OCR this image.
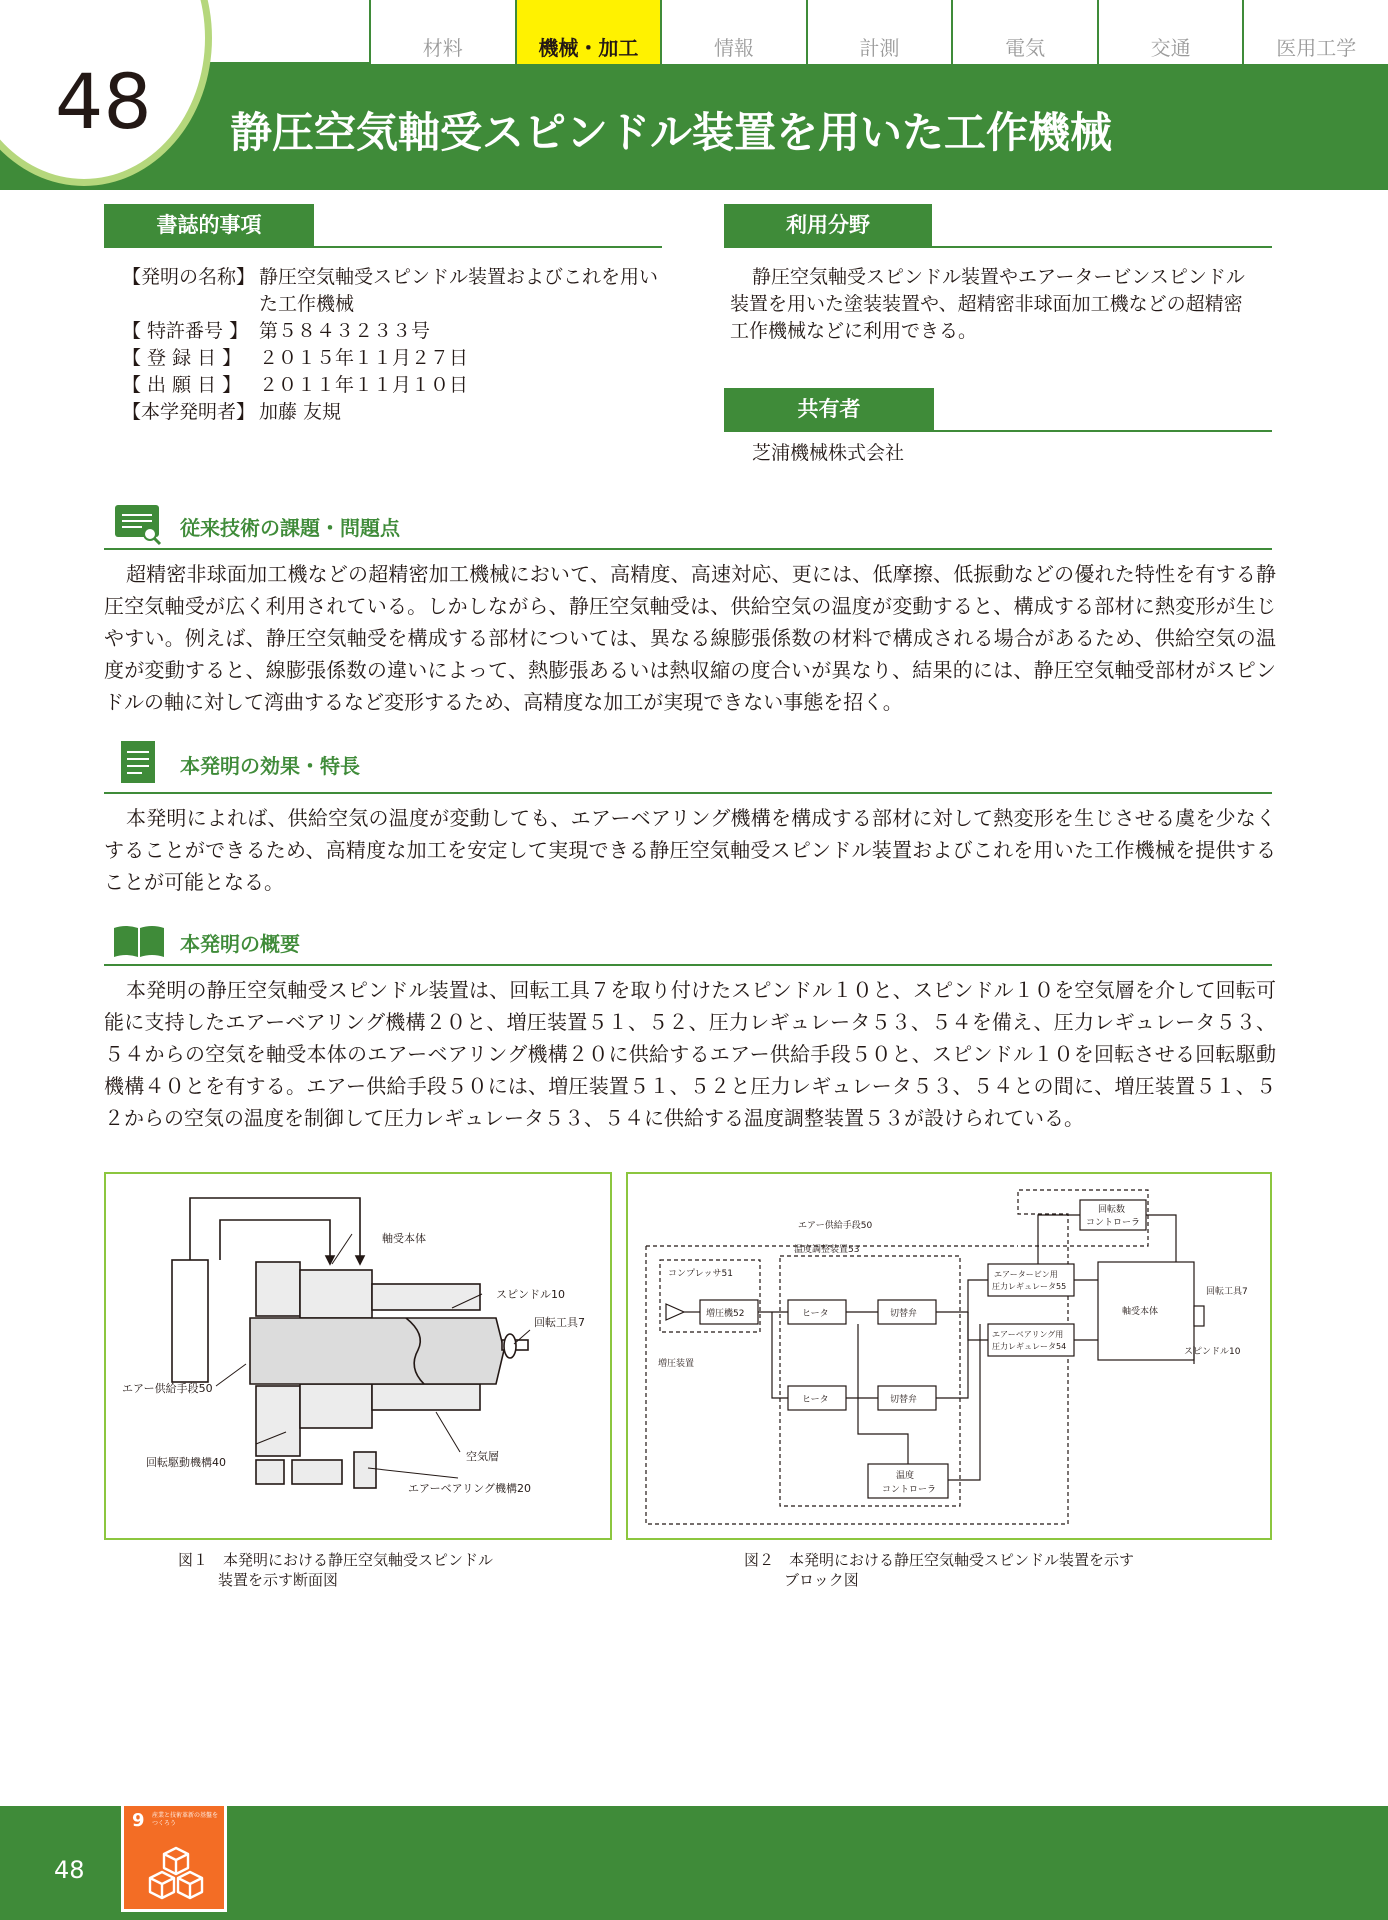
材料	機械・加工	情報	計測	電気	交通	医用工学
48 静圧空気軸受スピンドル装置を用いた工作機械
書誌的事項
【発明の名称】 静圧空気軸受スピンドル装置およびこれを用いた工作機械
【 特許番号 】 第５８４３２３３号
【 登 録 日 】 ２０１５年１１月２７日
【 出 願 日 】 ２０１１年１１月１０日
【本学発明者】 加藤 友規
利用分野

静圧空気軸受スピンドル装置やエアータービンスピンドル装置を用いた塗装装置や、超精密非球面加工機などの超精密工作機械などに利用できる。

共有者

芝浦機械株式会社

従来技術の課題・問題点

超精密非球面加工機などの超精密加工機械において、高精度、高速対応、更には、低摩擦、低振動などの優れた特性を有する静圧空気軸受が広く利用されている。しかしながら、静圧空気軸受は、供給空気の温度が変動すると、構成する部材に熱変形が生じやすい。例えば、静圧空気軸受を構成する部材については、異なる線膨張係数の材料で構成される場合があるため、供給空気の温度が変動すると、線膨張係数の違いによって、熱膨張あるいは熱収縮の度合いが異なり、結果的には、静圧空気軸受部材がスピンドルの軸に対して湾曲するなど変形するため、高精度な加工が実現できない事態を招く。

本発明の効果・特長

本発明によれば、供給空気の温度が変動しても、エアーベアリング機構を構成する部材に対して熱変形を生じさせる虞を少なくすることができるため、高精度な加工を安定して実現できる静圧空気軸受スピンドル装置およびこれを用いた工作機械を提供することが可能となる。

本発明の概要

本発明の静圧空気軸受スピンドル装置は、回転工具７を取り付けたスピンドル１０と、スピンドル１０を空気層を介して回転可能に支持したエアーベアリング機構２０と、増圧装置５１、５２、圧力レギュレータ５３、５４を備え、圧力レギュレータ５３、５４からの空気を軸受本体のエアーベアリング機構２０に供給するエアー供給手段５０と、スピンドル１０を回転させる回転駆動機構４０とを有する。エアー供給手段５０には、増圧装置５１、５２と圧力レギュレータ５３、５４との間に、増圧装置５１、５２からの空気の温度を制御して圧力レギュレータ５３、５４に供給する温度調整装置５３が設けられている。

軸受本体
スピンドル10
回転工具7
エアー供給手段50
回転駆動機構40	空気層
エアーベアリング機構20
図１　本発明における静圧空気軸受スピンドル
装置を示す断面図
エアー供給手段50
温度調整装置53
コンプレッサ51
増圧機52
増圧装置
ヒータ
ヒータ
切替弁
切替弁
温度
コントローラ
回転数
コントローラ
エアータービン用
圧力レギュレータ55
エアーベアリング用
圧力レギュレータ54
軸受本体
回転工具7
スピンドル10
図２　本発明における静圧空気軸受スピンドル装置を示す
ブロック図
48
9 産業と技術革新の基盤をつくろう
